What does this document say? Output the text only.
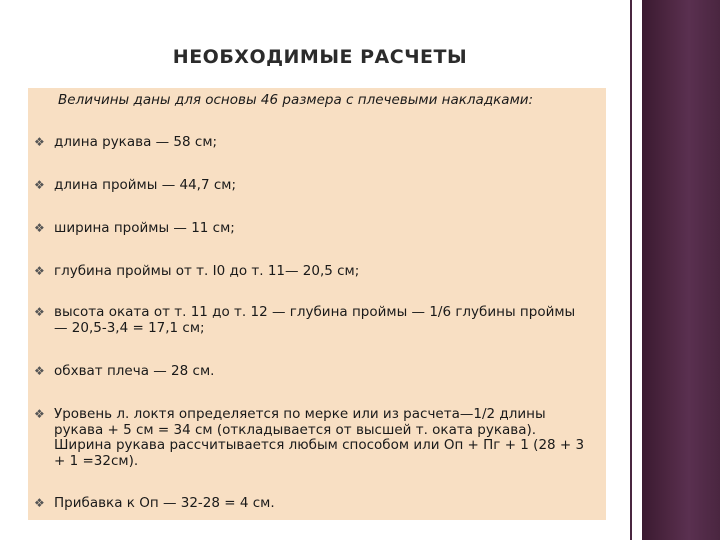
НЕОБХОДИМЫЕ РАСЧЕТЫ
Величины даны для основы 46 размера с плечевыми накладками:
❖ длина рукава — 58 см;
❖ длина проймы — 44,7 см;
❖ ширина проймы — 11 см;
❖ глубина проймы от т. I0 до т. 11— 20,5 см;
❖ высота оката от т. 11 до т. 12 — глубина проймы — 1/6 глубины проймы
— 20,5-3,4 = 17,1 см;
❖ обхват плеча — 28 см.
❖ Уровень л. локтя определяется по мерке или из расчета—1/2 длины
рукава + 5 см = 34 см (откладывается от высшей т. оката рукава).
Ширина рукава рассчитывается любым способом или Оп + Пг + 1 (28 + 3
+ 1 =32см).
❖ Прибавка к Оп — 32-28 = 4 см.
